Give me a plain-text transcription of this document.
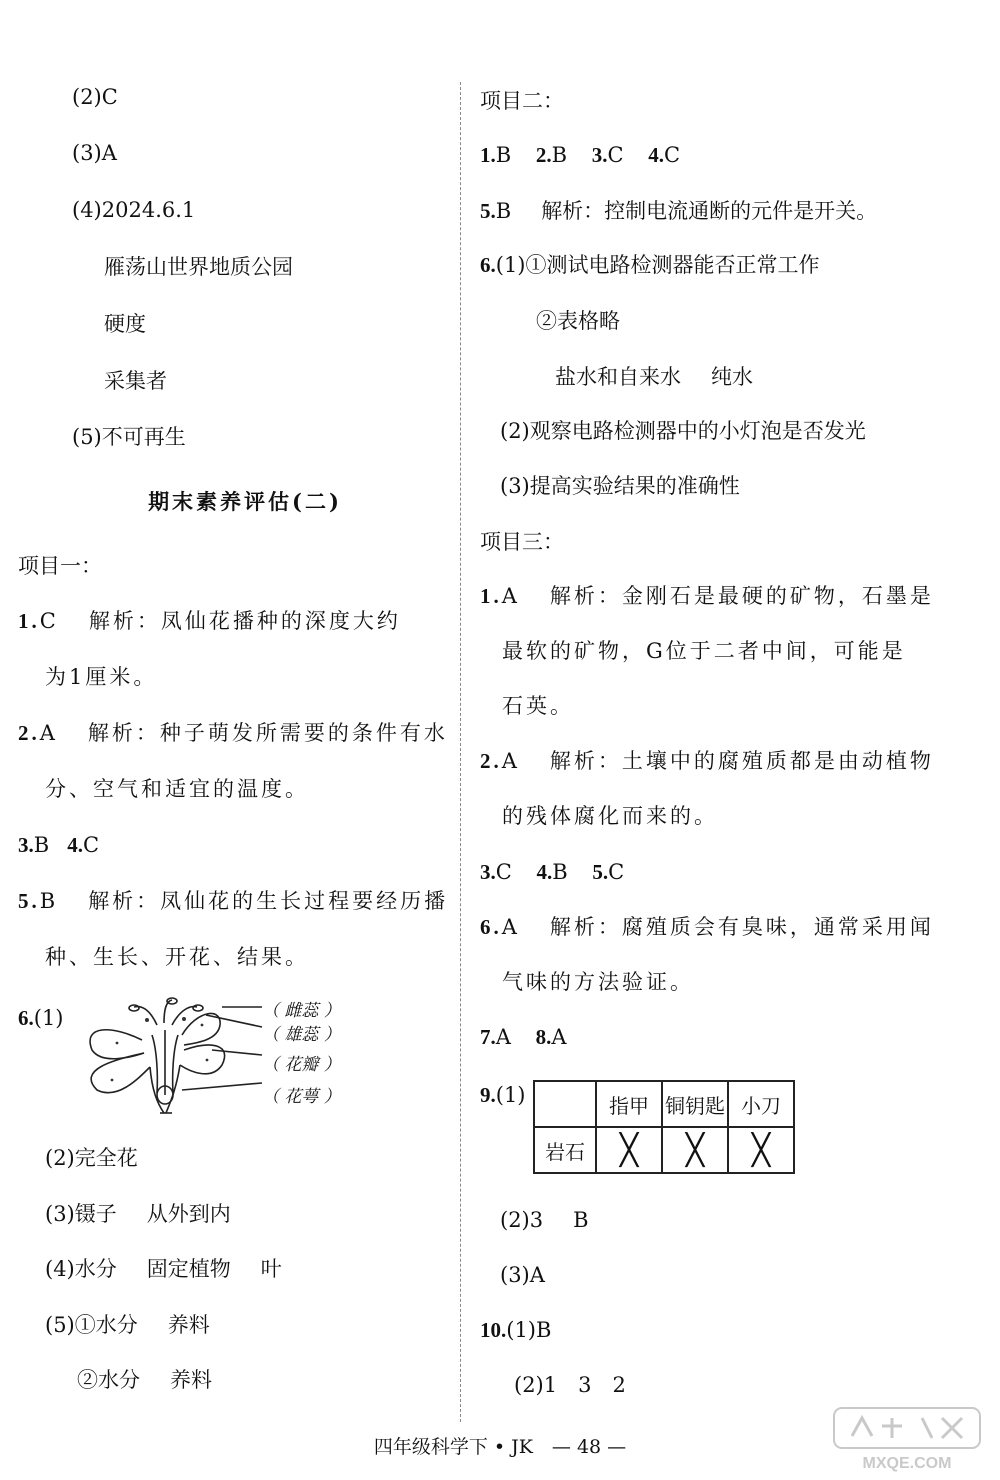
(2)C
(3)A
(4)2024.6.1
雁荡山世界地质公园
硬度
采集者
(5)不可再生
期末素养评估(二)
项目一：
1.C 解析：凤仙花播种的深度大约
为1厘米。
2.A 解析：种子萌发所需要的条件有水
分、空气和适宜的温度。
3.B 4.C
5.B 解析：凤仙花的生长过程要经历播
种、生长、开花、结果。
6.(1)	（ 雌蕊 ）
（ 雄蕊 ）
（ 花瓣 ）
（ 花萼 ）
(2)完全花
(3)镊子 从外到内
(4)水分 固定植物 叶
(5)①水分 养料
②水分 养料
项目二：
1.B 2.B 3.C 4.C
5.B 解析：控制电流通断的元件是开关。
6.(1)①测试电路检测器能否正常工作
②表格略
盐水和自来水 纯水
(2)观察电路检测器中的小灯泡是否发光
(3)提高实验结果的准确性
项目三：
1.A 解析：金刚石是最硬的矿物，石墨是
最软的矿物，G位于二者中间，可能是
石英。
2.A 解析：土壤中的腐殖质都是由动植物
的残体腐化而来的。
3.C 4.B 5.C
6.A 解析：腐殖质会有臭味，通常采用闻
气味的方法验证。
7.A 8.A
9.(1)
		指甲	铜钥匙	小刀
岩石	╳	╳	╳
(2)3 B
(3)A
10.(1)B
(2)1　3　2
四年级科学下 • JK　— 48 —
MXQE.COM
